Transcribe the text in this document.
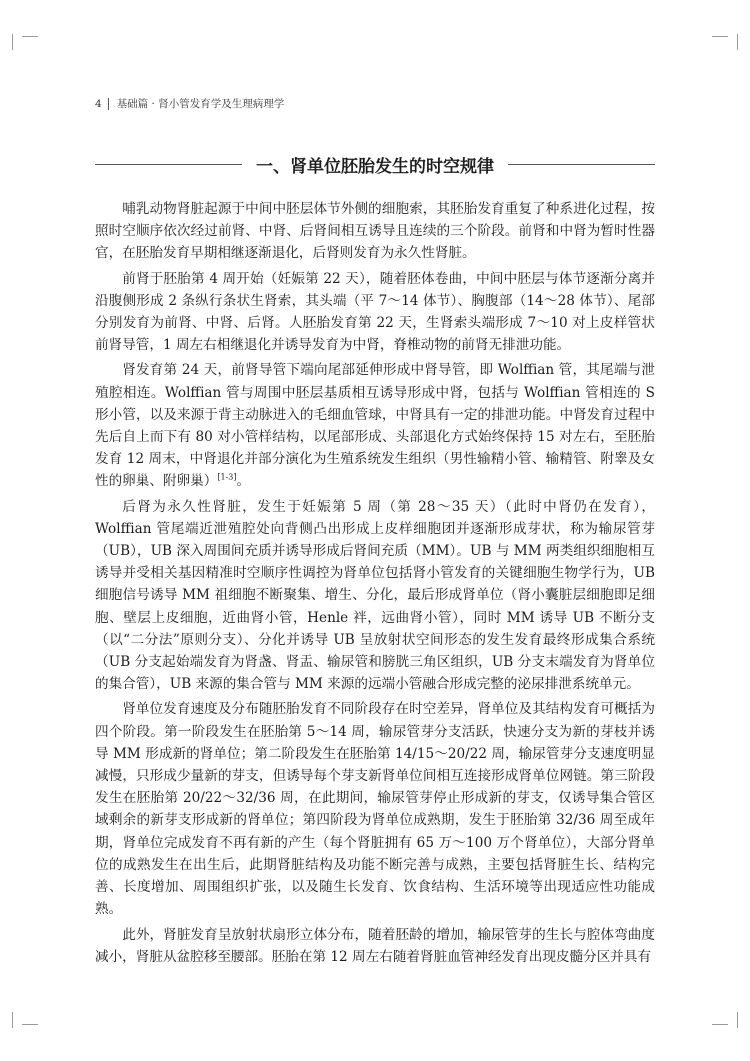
4 基础篇 · 肾小管发育学及生理病理学
一、肾单位胚胎发生的时空规律

哺乳动物肾脏起源于中间中胚层体节外侧的细胞索，其胚胎发育重复了种系进化过程，按照时空顺序依次经过前肾、中肾、后肾间相互诱导且连续的三个阶段。前肾和中肾为暂时性器官，在胚胎发育早期相继逐渐退化，后肾则发育为永久性肾脏。

前肾于胚胎第 4 周开始（妊娠第 22 天），随着胚体卷曲，中间中胚层与体节逐渐分离并沿腹侧形成 2 条纵行条状生肾索，其头端（平 7～14 体节）、胸腹部（14～28 体节）、尾部分别发育为前肾、中肾、后肾。人胚胎发育第 22 天，生肾索头端形成 7～10 对上皮样管状前肾导管，1 周左右相继退化并诱导发育为中肾，脊椎动物的前肾无排泄功能。

肾发育第 24 天，前肾导管下端向尾部延伸形成中肾导管，即 Wolffian 管，其尾端与泄殖腔相连。Wolffian 管与周围中胚层基质相互诱导形成中肾，包括与 Wolffian 管相连的 S 形小管，以及来源于背主动脉进入的毛细血管球，中肾具有一定的排泄功能。中肾发育过程中先后自上而下有 80 对小管样结构，以尾部形成、头部退化方式始终保持 15 对左右，至胚胎发育 12 周末，中肾退化并部分演化为生殖系统发生组织（男性输精小管、输精管、附睾及女性的卵巢、附卵巢）[1-3]。

后肾为永久性肾脏，发生于妊娠第 5 周（第 28～35 天）（此时中肾仍在发育），Wolffian 管尾端近泄殖腔处向背侧凸出形成上皮样细胞团并逐渐形成芽状，称为输尿管芽（UB），UB 深入周围间充质并诱导形成后肾间充质（MM）。UB 与 MM 两类组织细胞相互诱导并受相关基因精准时空顺序性调控为肾单位包括肾小管发育的关键细胞生物学行为，UB 细胞信号诱导 MM 祖细胞不断聚集、增生、分化，最后形成肾单位（肾小囊脏层细胞即足细胞、壁层上皮细胞，近曲肾小管，Henle 袢，远曲肾小管），同时 MM 诱导 UB 不断分支（以“二分法”原则分支）、分化并诱导 UB 呈放射状空间形态的发生发育最终形成集合系统（UB 分支起始端发育为肾盏、肾盂、输尿管和膀胱三角区组织，UB 分支末端发育为肾单位的集合管），UB 来源的集合管与 MM 来源的远端小管融合形成完整的泌尿排泄系统单元。

肾单位发育速度及分布随胚胎发育不同阶段存在时空差异，肾单位及其结构发育可概括为四个阶段。第一阶段发生在胚胎第 5～14 周，输尿管芽分支活跃，快速分支为新的芽枝并诱导 MM 形成新的肾单位；第二阶段发生在胚胎第 14/15～20/22 周，输尿管芽分支速度明显减慢，只形成少量新的芽支，但诱导每个芽支新肾单位间相互连接形成肾单位网链。第三阶段发生在胚胎第 20/22～32/36 周，在此期间，输尿管芽停止形成新的芽支，仅诱导集合管区域剩余的新芽支形成新的肾单位；第四阶段为肾单位成熟期，发生于胚胎第 32/36 周至成年期，肾单位完成发育不再有新的产生（每个肾脏拥有 65 万～100 万个肾单位），大部分肾单位的成熟发生在出生后，此期肾脏结构及功能不断完善与成熟，主要包括肾脏生长、结构完善、长度增加、周围组织扩张，以及随生长发育、饮食结构、生活环境等出现适应性功能成熟。

此外，肾脏发育呈放射状扇形立体分布，随着胚龄的增加，输尿管芽的生长与腔体弯曲度减小，肾脏从盆腔移至腰部。胚胎在第 12 周左右随着肾脏血管神经发育出现皮髓分区并具有
